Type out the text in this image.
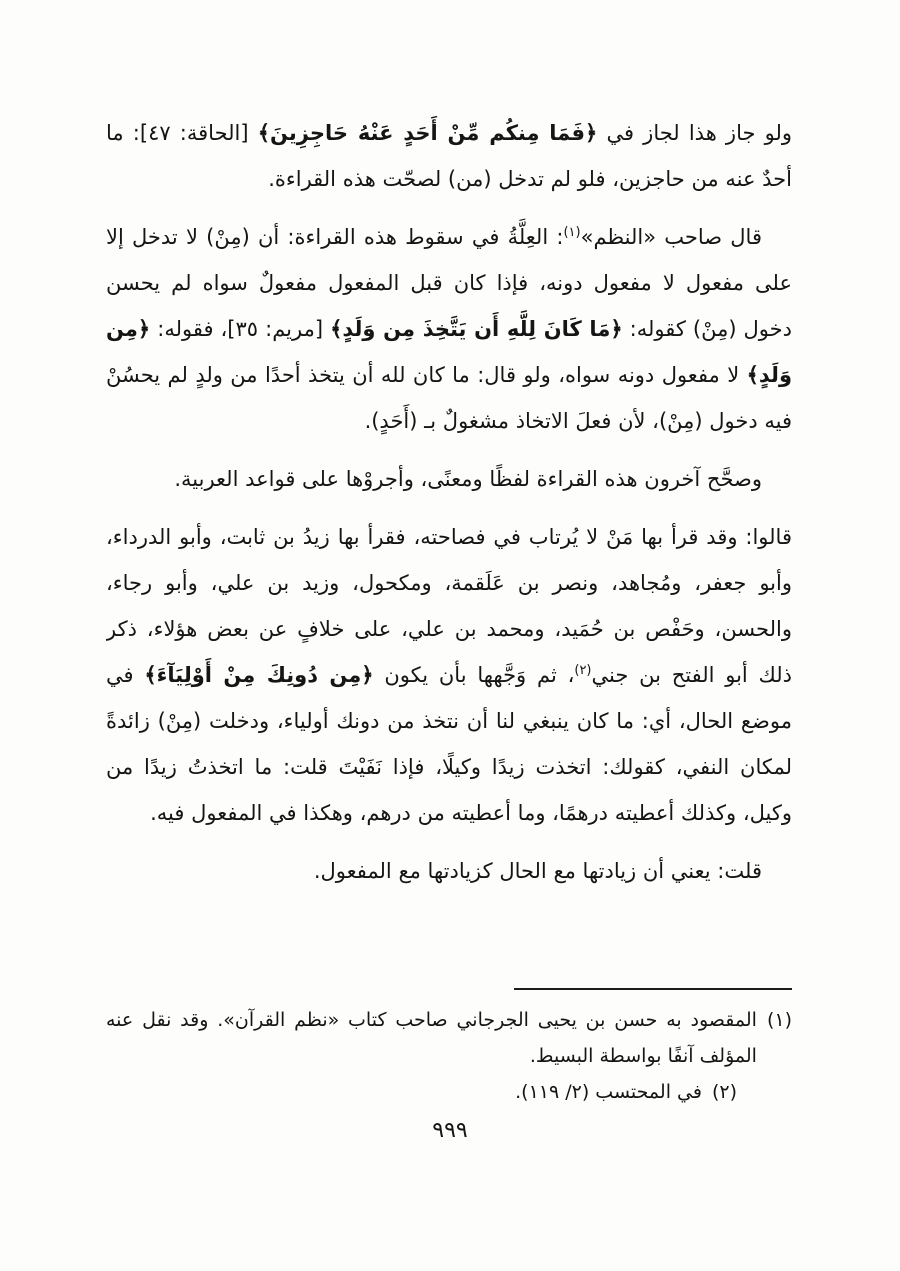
ولو جاز هذا لجاز في ﴿فَمَا مِنكُم مِّنْ أَحَدٍ عَنْهُ حَاجِزِينَ﴾ [الحاقة: ٤٧]: ما أحدٌ عنه من حاجزين، فلو لم تدخل (من) لصحّت هذه القراءة.

قال صاحب «النظم»$^{(١)}$: العِلَّةُ في سقوط هذه القراءة: أن (مِنْ) لا تدخل إلا على مفعول لا مفعول دونه، فإذا كان قبل المفعول مفعولٌ سواه لم يحسن دخول (مِنْ) كقوله: ﴿مَا كَانَ لِلَّهِ أَن يَتَّخِذَ مِن وَلَدٍ﴾ [مريم: ٣٥]، فقوله: ﴿مِن وَلَدٍ﴾ لا مفعول دونه سواه، ولو قال: ما كان لله أن يتخذ أحدًا من ولدٍ لم يحسُنْ فيه دخول (مِنْ)، لأن فعلَ الاتخاذ مشغولٌ بـ (أَحَدٍ).

وصحَّح آخرون هذه القراءة لفظًا ومعنًى، وأجروْها على قواعد العربية.

قالوا: وقد قرأ بها مَنْ لا يُرتاب في فصاحته، فقرأ بها زيدُ بن ثابت، وأبو الدرداء، وأبو جعفر، ومُجاهد، ونصر بن عَلَقمة، ومكحول، وزيد بن علي، وأبو رجاء، والحسن، وحَفْص بن حُمَيد، ومحمد بن علي، على خلافٍ عن بعض هؤلاء، ذكر ذلك أبو الفتح بن جني$^{(٢)}$، ثم وَجَّهها بأن يكون ﴿مِن دُونِكَ مِنْ أَوْلِيَآءَ﴾ في موضع الحال، أي: ما كان ينبغي لنا أن نتخذ من دونك أولياء، ودخلت (مِنْ) زائدةً لمكان النفي، كقولك: اتخذت زيدًا وكيلًا، فإذا نَفَيْتَ قلت: ما اتخذتُ زيدًا من وكيل، وكذلك أعطيته درهمًا، وما أعطيته من درهم، وهكذا في المفعول فيه.

قلت: يعني أن زيادتها مع الحال كزيادتها مع المفعول.

(١)
المقصود به حسن بن يحيى الجرجاني صاحب كتاب «نظم القرآن». وقد نقل عنه المؤلف آنفًا بواسطة البسيط.
(٢)
في المحتسب (٢/ ١١٩).
٩٩٩
